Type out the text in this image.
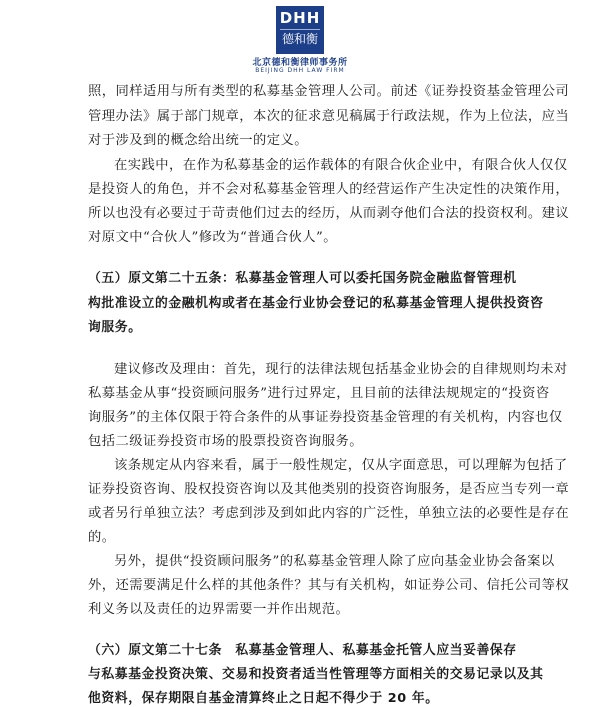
DHH
德和衡
北京德和衡律师事务所
BEIJING DHH LAW FIRM
照，同样适用与所有类型的私募基金管理人公司。前述《证券投资基金管理公司
管理办法》属于部门规章，本次的征求意见稿属于行政法规，作为上位法，应当
对于涉及到的概念给出统一的定义。
在实践中，在作为私募基金的运作载体的有限合伙企业中，有限合伙人仅仅
是投资人的角色，并不会对私募基金管理人的经营运作产生决定性的决策作用，
所以也没有必要过于苛责他们过去的经历，从而剥夺他们合法的投资权利。建议
对原文中“合伙人”修改为“普通合伙人”。
（五）原文第二十五条：私募基金管理人可以委托国务院金融监督管理机
构批准设立的金融机构或者在基金行业协会登记的私募基金管理人提供投资咨
询服务。
建议修改及理由：首先，现行的法律法规包括基金业协会的自律规则均未对
私募基金从事“投资顾问服务”进行过界定，且目前的法律法规规定的“投资咨
询服务”的主体仅限于符合条件的从事证券投资基金管理的有关机构，内容也仅
包括二级证券投资市场的股票投资咨询服务。
该条规定从内容来看，属于一般性规定，仅从字面意思，可以理解为包括了
证券投资咨询、股权投资咨询以及其他类别的投资咨询服务，是否应当专列一章
或者另行单独立法？考虑到涉及到如此内容的广泛性，单独立法的必要性是存在
的。
另外，提供“投资顾问服务”的私募基金管理人除了应向基金业协会备案以
外，还需要满足什么样的其他条件？其与有关机构，如证券公司、信托公司等权
利义务以及责任的边界需要一并作出规范。
（六）原文第二十七条　私募基金管理人、私募基金托管人应当妥善保存
与私募基金投资决策、交易和投资者适当性管理等方面相关的交易记录以及其
他资料，保存期限自基金清算终止之日起不得少于 20 年。
